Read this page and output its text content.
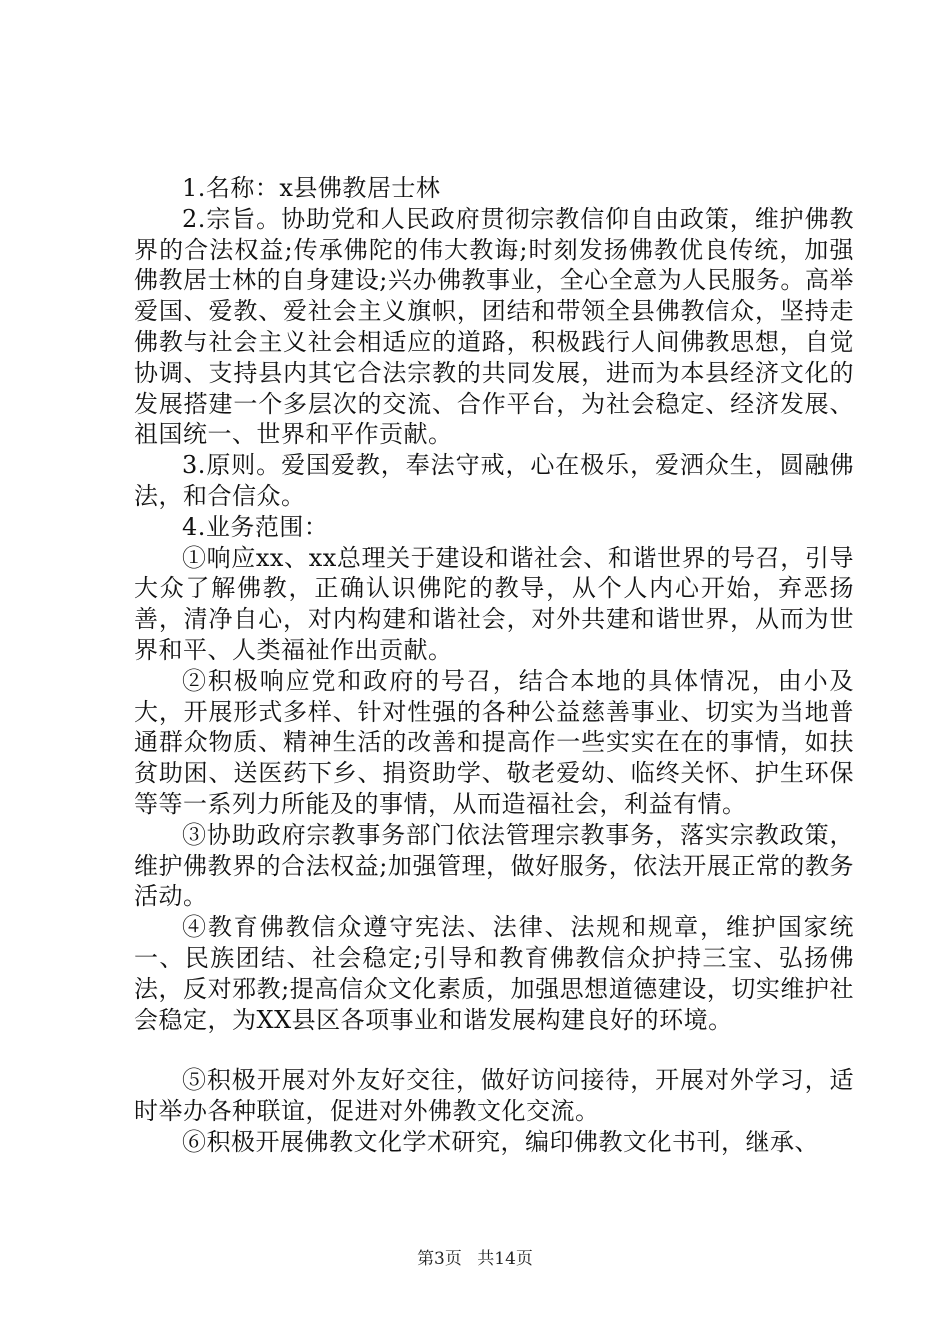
1.名称：x县佛教居士林

2.宗旨。协助党和人民政府贯彻宗教信仰自由政策，维护佛教界的合法权益;传承佛陀的伟大教诲;时刻发扬佛教优良传统，加强佛教居士林的自身建设;兴办佛教事业，全心全意为人民服务。高举爱国、爱教、爱社会主义旗帜，团结和带领全县佛教信众，坚持走佛教与社会主义社会相适应的道路，积极践行人间佛教思想，自觉协调、支持县内其它合法宗教的共同发展，进而为本县经济文化的发展搭建一个多层次的交流、合作平台，为社会稳定、经济发展、祖国统一、世界和平作贡献。

3.原则。爱国爱教，奉法守戒，心在极乐，爱洒众生，圆融佛法，和合信众。

4.业务范围：

①响应xx、xx总理关于建设和谐社会、和谐世界的号召，引导大众了解佛教，正确认识佛陀的教导，从个人内心开始，弃恶扬善，清净自心，对内构建和谐社会，对外共建和谐世界，从而为世界和平、人类福祉作出贡献。

②积极响应党和政府的号召，结合本地的具体情况，由小及大，开展形式多样、针对性强的各种公益慈善事业、切实为当地普通群众物质、精神生活的改善和提高作一些实实在在的事情，如扶贫助困、送医药下乡、捐资助学、敬老爱幼、临终关怀、护生环保等等一系列力所能及的事情，从而造福社会，利益有情。

③协助政府宗教事务部门依法管理宗教事务，落实宗教政策，维护佛教界的合法权益;加强管理，做好服务，依法开展正常的教务活动。

④教育佛教信众遵守宪法、法律、法规和规章，维护国家统一、民族团结、社会稳定;引导和教育佛教信众护持三宝、弘扬佛法，反对邪教;提高信众文化素质，加强思想道德建设，切实维护社会稳定，为XX县区各项事业和谐发展构建良好的环境。

⑤积极开展对外友好交往，做好访问接待，开展对外学习，适时举办各种联谊，促进对外佛教文化交流。

⑥积极开展佛教文化学术研究，编印佛教文化书刊，继承、

第3页 共14页
